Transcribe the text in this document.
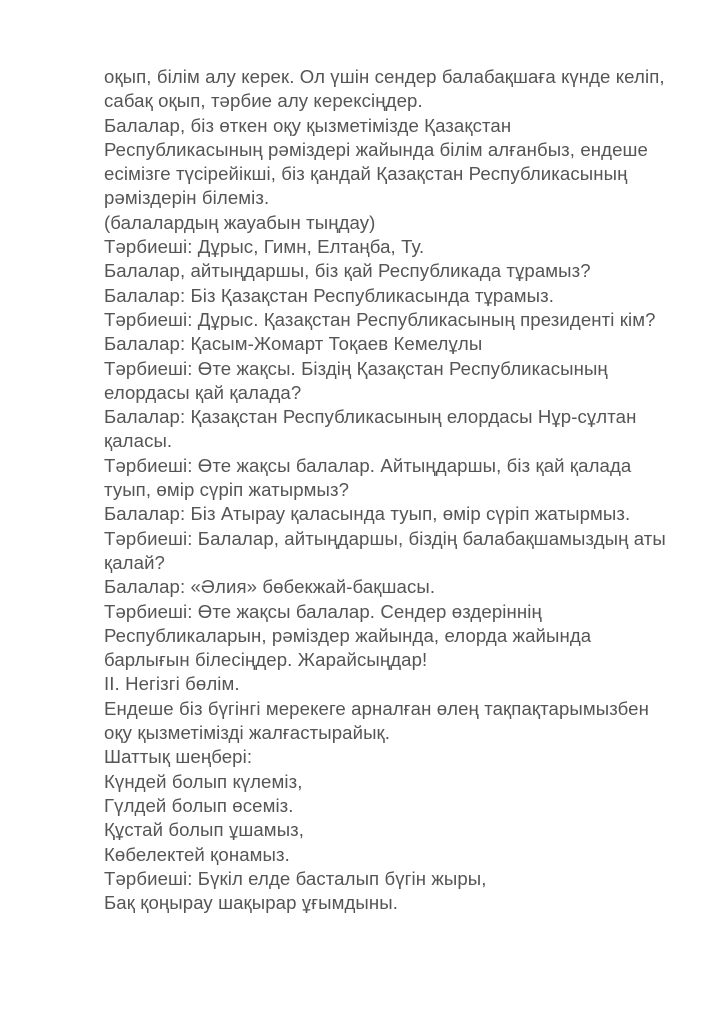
оқып, білім алу керек. Ол үшін сендер балабақшаға күнде келіп,
сабақ оқып, тәрбие алу керексіңдер.
Балалар, біз өткен оқу қызметімізде Қазақстан
Республикасының рәміздері жайында білім алғанбыз, ендеше
есімізге түсірейікші, біз қандай Қазақстан Республикасының
рәміздерін білеміз.
(балалардың жауабын тыңдау)
Тәрбиеші: Дұрыс, Гимн, Елтаңба, Ту.
Балалар, айтыңдаршы, біз қай Республикада тұрамыз?
Балалар: Біз Қазақстан Республикасында тұрамыз.
Тәрбиеші: Дұрыс. Қазақстан Республикасының президенті кім?
Балалар: Қасым-Жомарт Тоқаев Кемелұлы
Тәрбиеші: Өте жақсы. Біздің Қазақстан Республикасының
елордасы қай қалада?
Балалар: Қазақстан Республикасының елордасы Нұр-сұлтан
қаласы.
Тәрбиеші: Өте жақсы балалар. Айтыңдаршы, біз қай қалада
туып, өмір сүріп жатырмыз?
Балалар: Біз Атырау қаласында туып, өмір сүріп жатырмыз.
Тәрбиеші: Балалар, айтыңдаршы, біздің балабақшамыздың аты
қалай?
Балалар: «Әлия» бөбекжай-бақшасы.
Тәрбиеші: Өте жақсы балалар. Сендер өздеріннің
Республикаларын, рәміздер жайында, елорда жайында
барлығын білесіңдер. Жарайсыңдар!
ІІ. Негізгі бөлім.
Ендеше біз бүгінгі мерекеге арналған өлең тақпақтарымызбен
оқу қызметімізді жалғастырайық.
Шаттық шеңбері:
Күндей болып күлеміз,
Гүлдей болып өсеміз.
Құстай болып ұшамыз,
Көбелектей қонамыз.
Тәрбиеші: Бүкіл елде басталып бүгін жыры,
Бақ қоңырау шақырар ұғымдыны.
